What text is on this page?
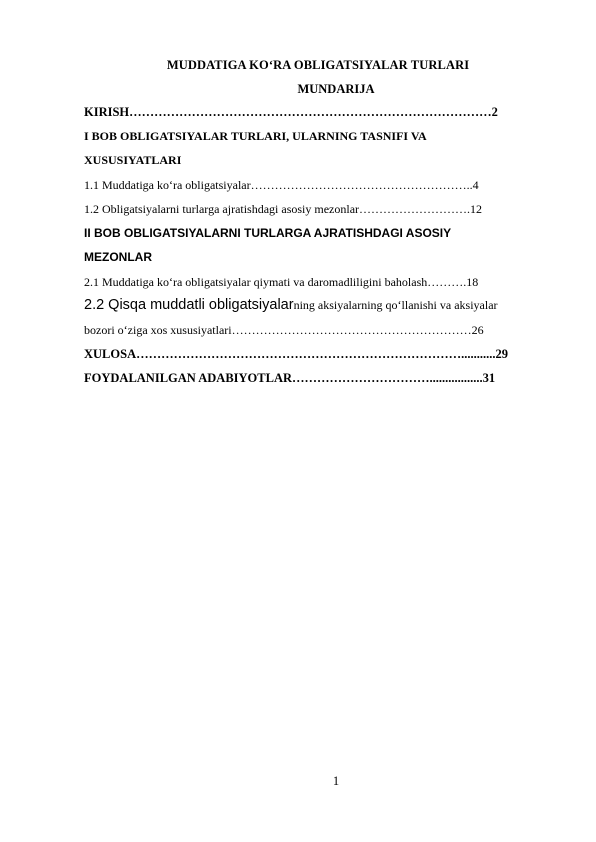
MUDDATIGA KO‘RA OBLIGATSIYALAR TURLARI
MUNDARIJA
KIRISH……………………………………………………………………………2
I BOB OBLIGATSIYALAR TURLARI, ULARNING TASNIFI VA
XUSUSIYATLARI
1.1 Muddatiga ko‘ra obligatsiyalar………………………………………………..4
1.2 Obligatsiyalarni turlarga ajratishdagi asosiy mezonlar……………………….12
II BOB OBLIGATSIYALARNI TURLARGA AJRATISHDAGI ASOSIY
MEZONLAR
2.1 Muddatiga ko‘ra obligatsiyalar qiymati va daromadliligini baholash……….18
2.2 Qisqa muddatli obligatsiyalarning aksiyalarning qo‘llanishi va aksiyalar
bozori o‘ziga xos xususiyatlari……………………………………………………26
XULOSA……………………………………………………………………...........29
FOYDALANILGAN ADABIYOTLAR…………………………….................31
1
